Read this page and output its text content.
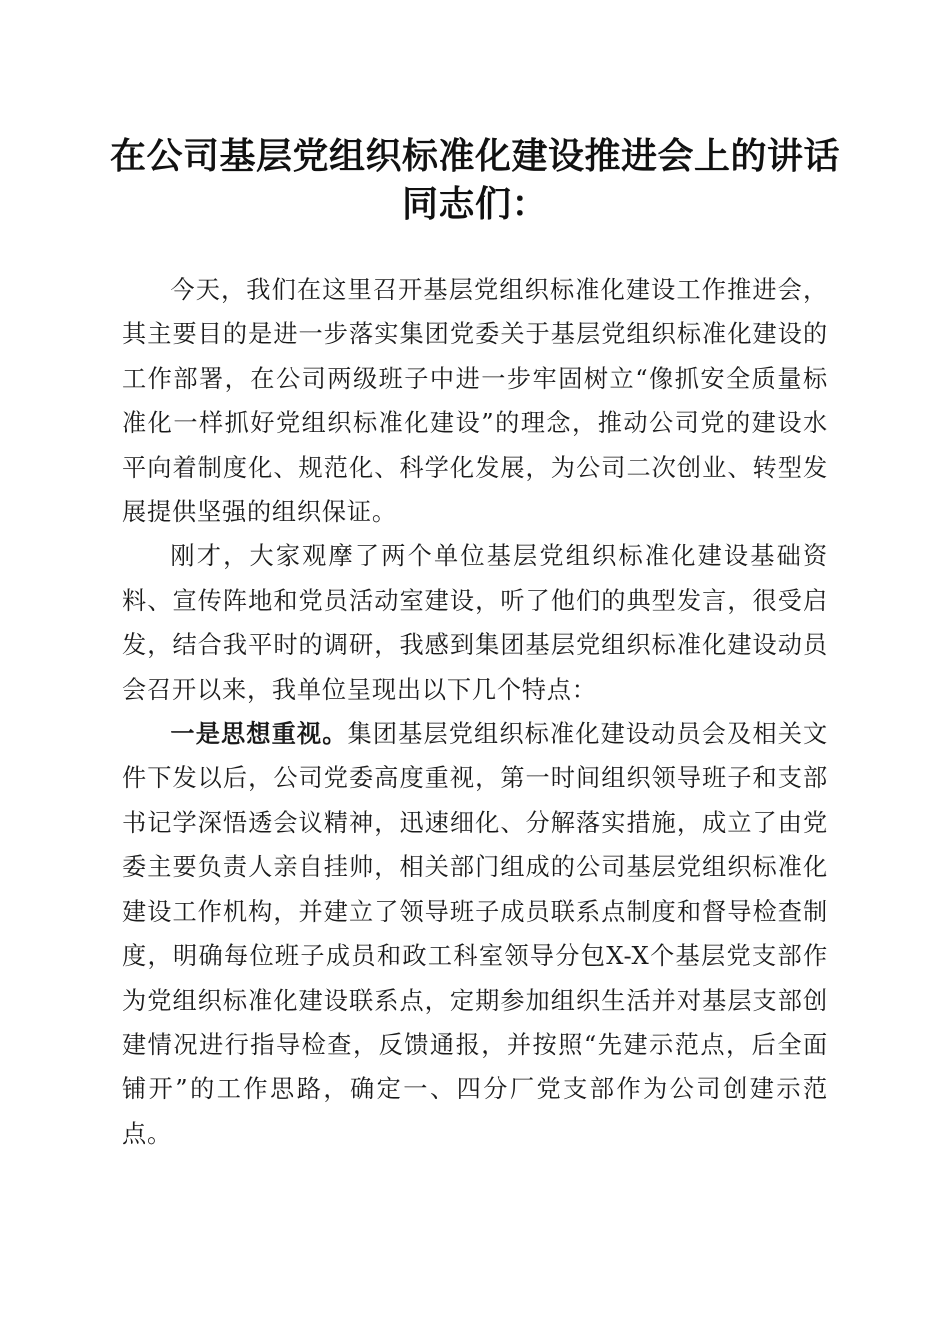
在公司基层党组织标准化建设推进会上的讲话
同志们：

今天，我们在这里召开基层党组织标准化建设工作推进会，其主要目的是进一步落实集团党委关于基层党组织标准化建设的工作部署，在公司两级班子中进一步牢固树立“像抓安全质量标准化一样抓好党组织标准化建设”的理念，推动公司党的建设水平向着制度化、规范化、科学化发展，为公司二次创业、转型发展提供坚强的组织保证。

刚才，大家观摩了两个单位基层党组织标准化建设基础资料、宣传阵地和党员活动室建设，听了他们的典型发言，很受启发，结合我平时的调研，我感到集团基层党组织标准化建设动员会召开以来，我单位呈现出以下几个特点：

一是思想重视。集团基层党组织标准化建设动员会及相关文件下发以后，公司党委高度重视，第一时间组织领导班子和支部书记学深悟透会议精神，迅速细化、分解落实措施，成立了由党委主要负责人亲自挂帅，相关部门组成的公司基层党组织标准化建设工作机构，并建立了领导班子成员联系点制度和督导检查制度，明确每位班子成员和政工科室领导分包X-X个基层党支部作为党组织标准化建设联系点，定期参加组织生活并对基层支部创建情况进行指导检查，反馈通报，并按照“先建示范点，后全面铺开”的工作思路，确定一、四分厂党支部作为公司创建示范点。
